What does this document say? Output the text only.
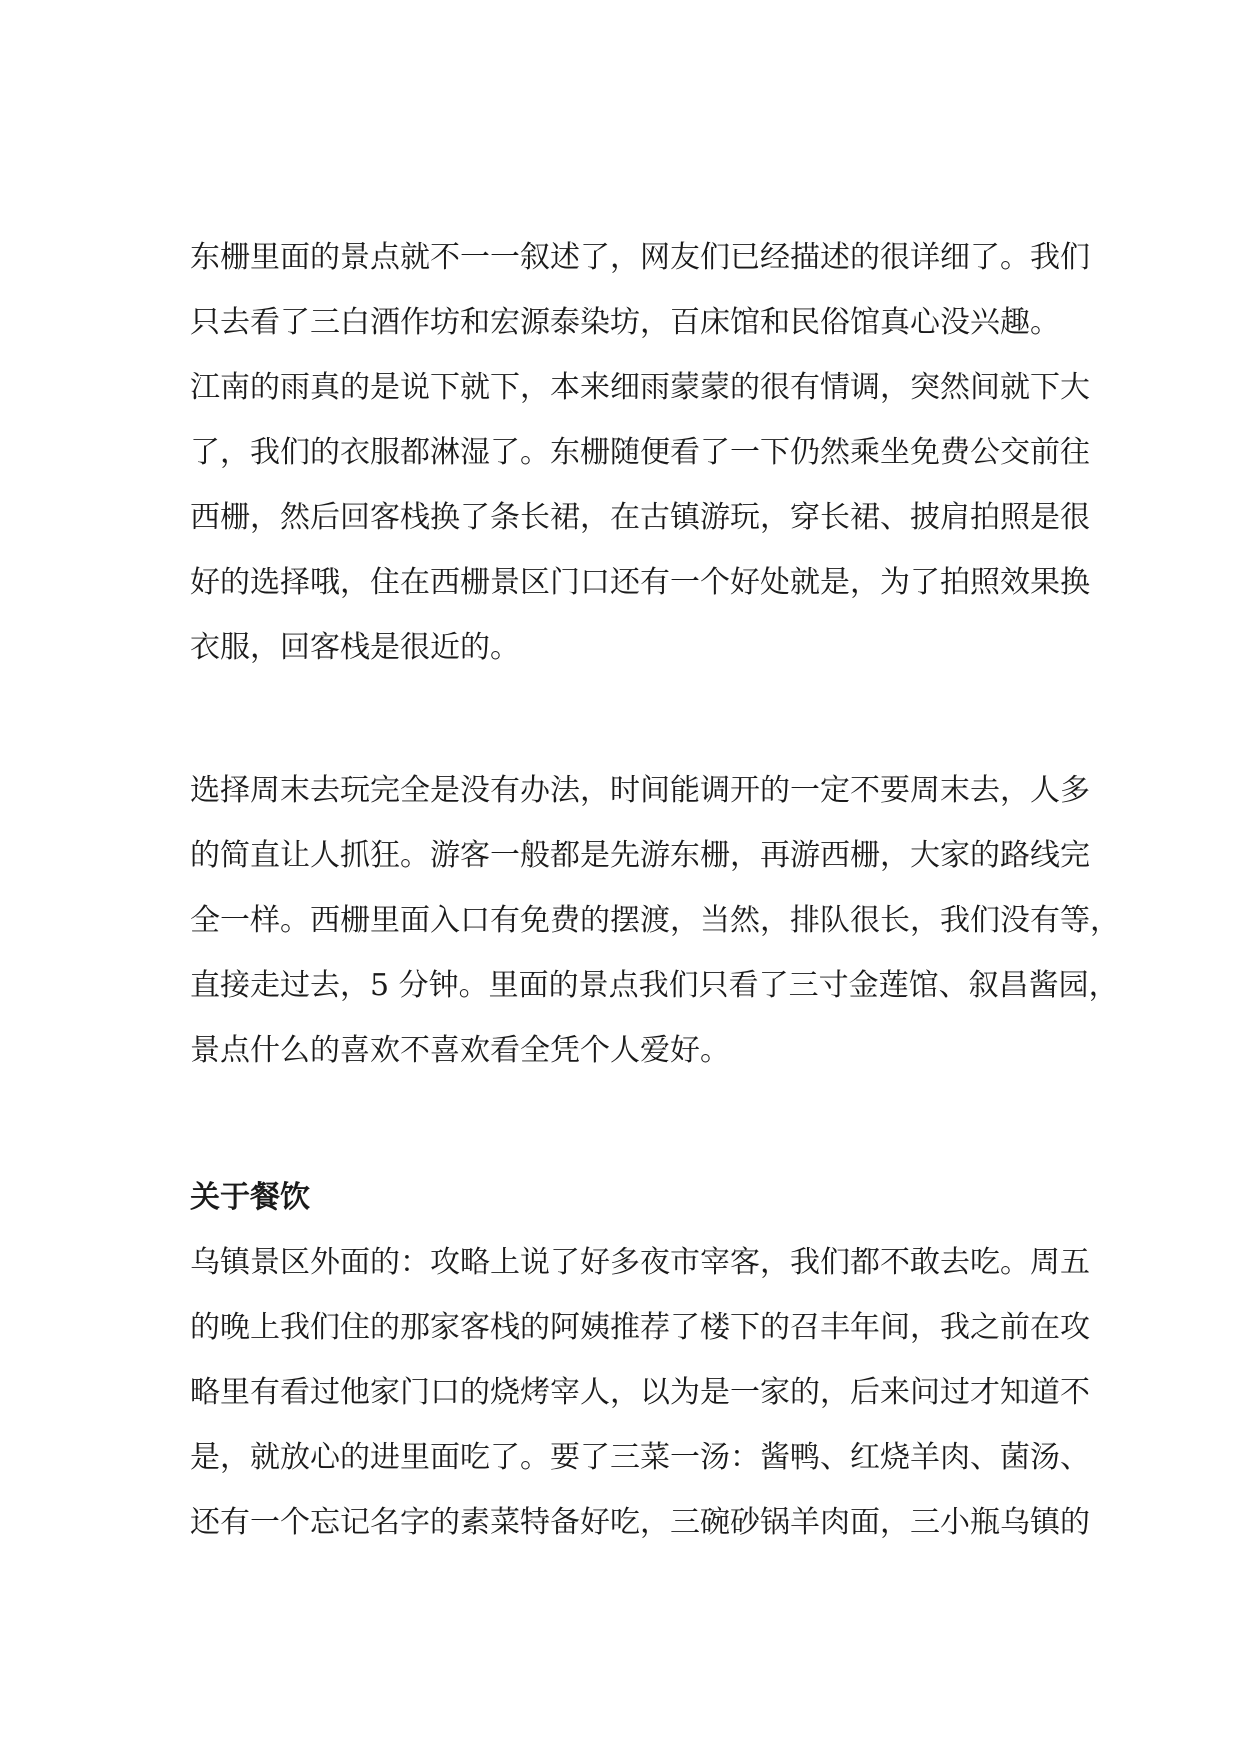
东栅里面的景点就不一一叙述了，网友们已经描述的很详细了。我们
只去看了三白酒作坊和宏源泰染坊，百床馆和民俗馆真心没兴趣。
江南的雨真的是说下就下，本来细雨蒙蒙的很有情调，突然间就下大
了，我们的衣服都淋湿了。东栅随便看了一下仍然乘坐免费公交前往
西栅，然后回客栈换了条长裙，在古镇游玩，穿长裙、披肩拍照是很
好的选择哦，住在西栅景区门口还有一个好处就是，为了拍照效果换
衣服，回客栈是很近的。
选择周末去玩完全是没有办法，时间能调开的一定不要周末去，人多
的简直让人抓狂。游客一般都是先游东栅，再游西栅，大家的路线完
全一样。西栅里面入口有免费的摆渡，当然，排队很长，我们没有等，
直接走过去，5 分钟。里面的景点我们只看了三寸金莲馆、叙昌酱园，
景点什么的喜欢不喜欢看全凭个人爱好。
关于餐饮
乌镇景区外面的：攻略上说了好多夜市宰客，我们都不敢去吃。周五
的晚上我们住的那家客栈的阿姨推荐了楼下的召丰年间，我之前在攻
略里有看过他家门口的烧烤宰人，以为是一家的，后来问过才知道不
是，就放心的进里面吃了。要了三菜一汤：酱鸭、红烧羊肉、菌汤、
还有一个忘记名字的素菜特备好吃，三碗砂锅羊肉面，三小瓶乌镇的
